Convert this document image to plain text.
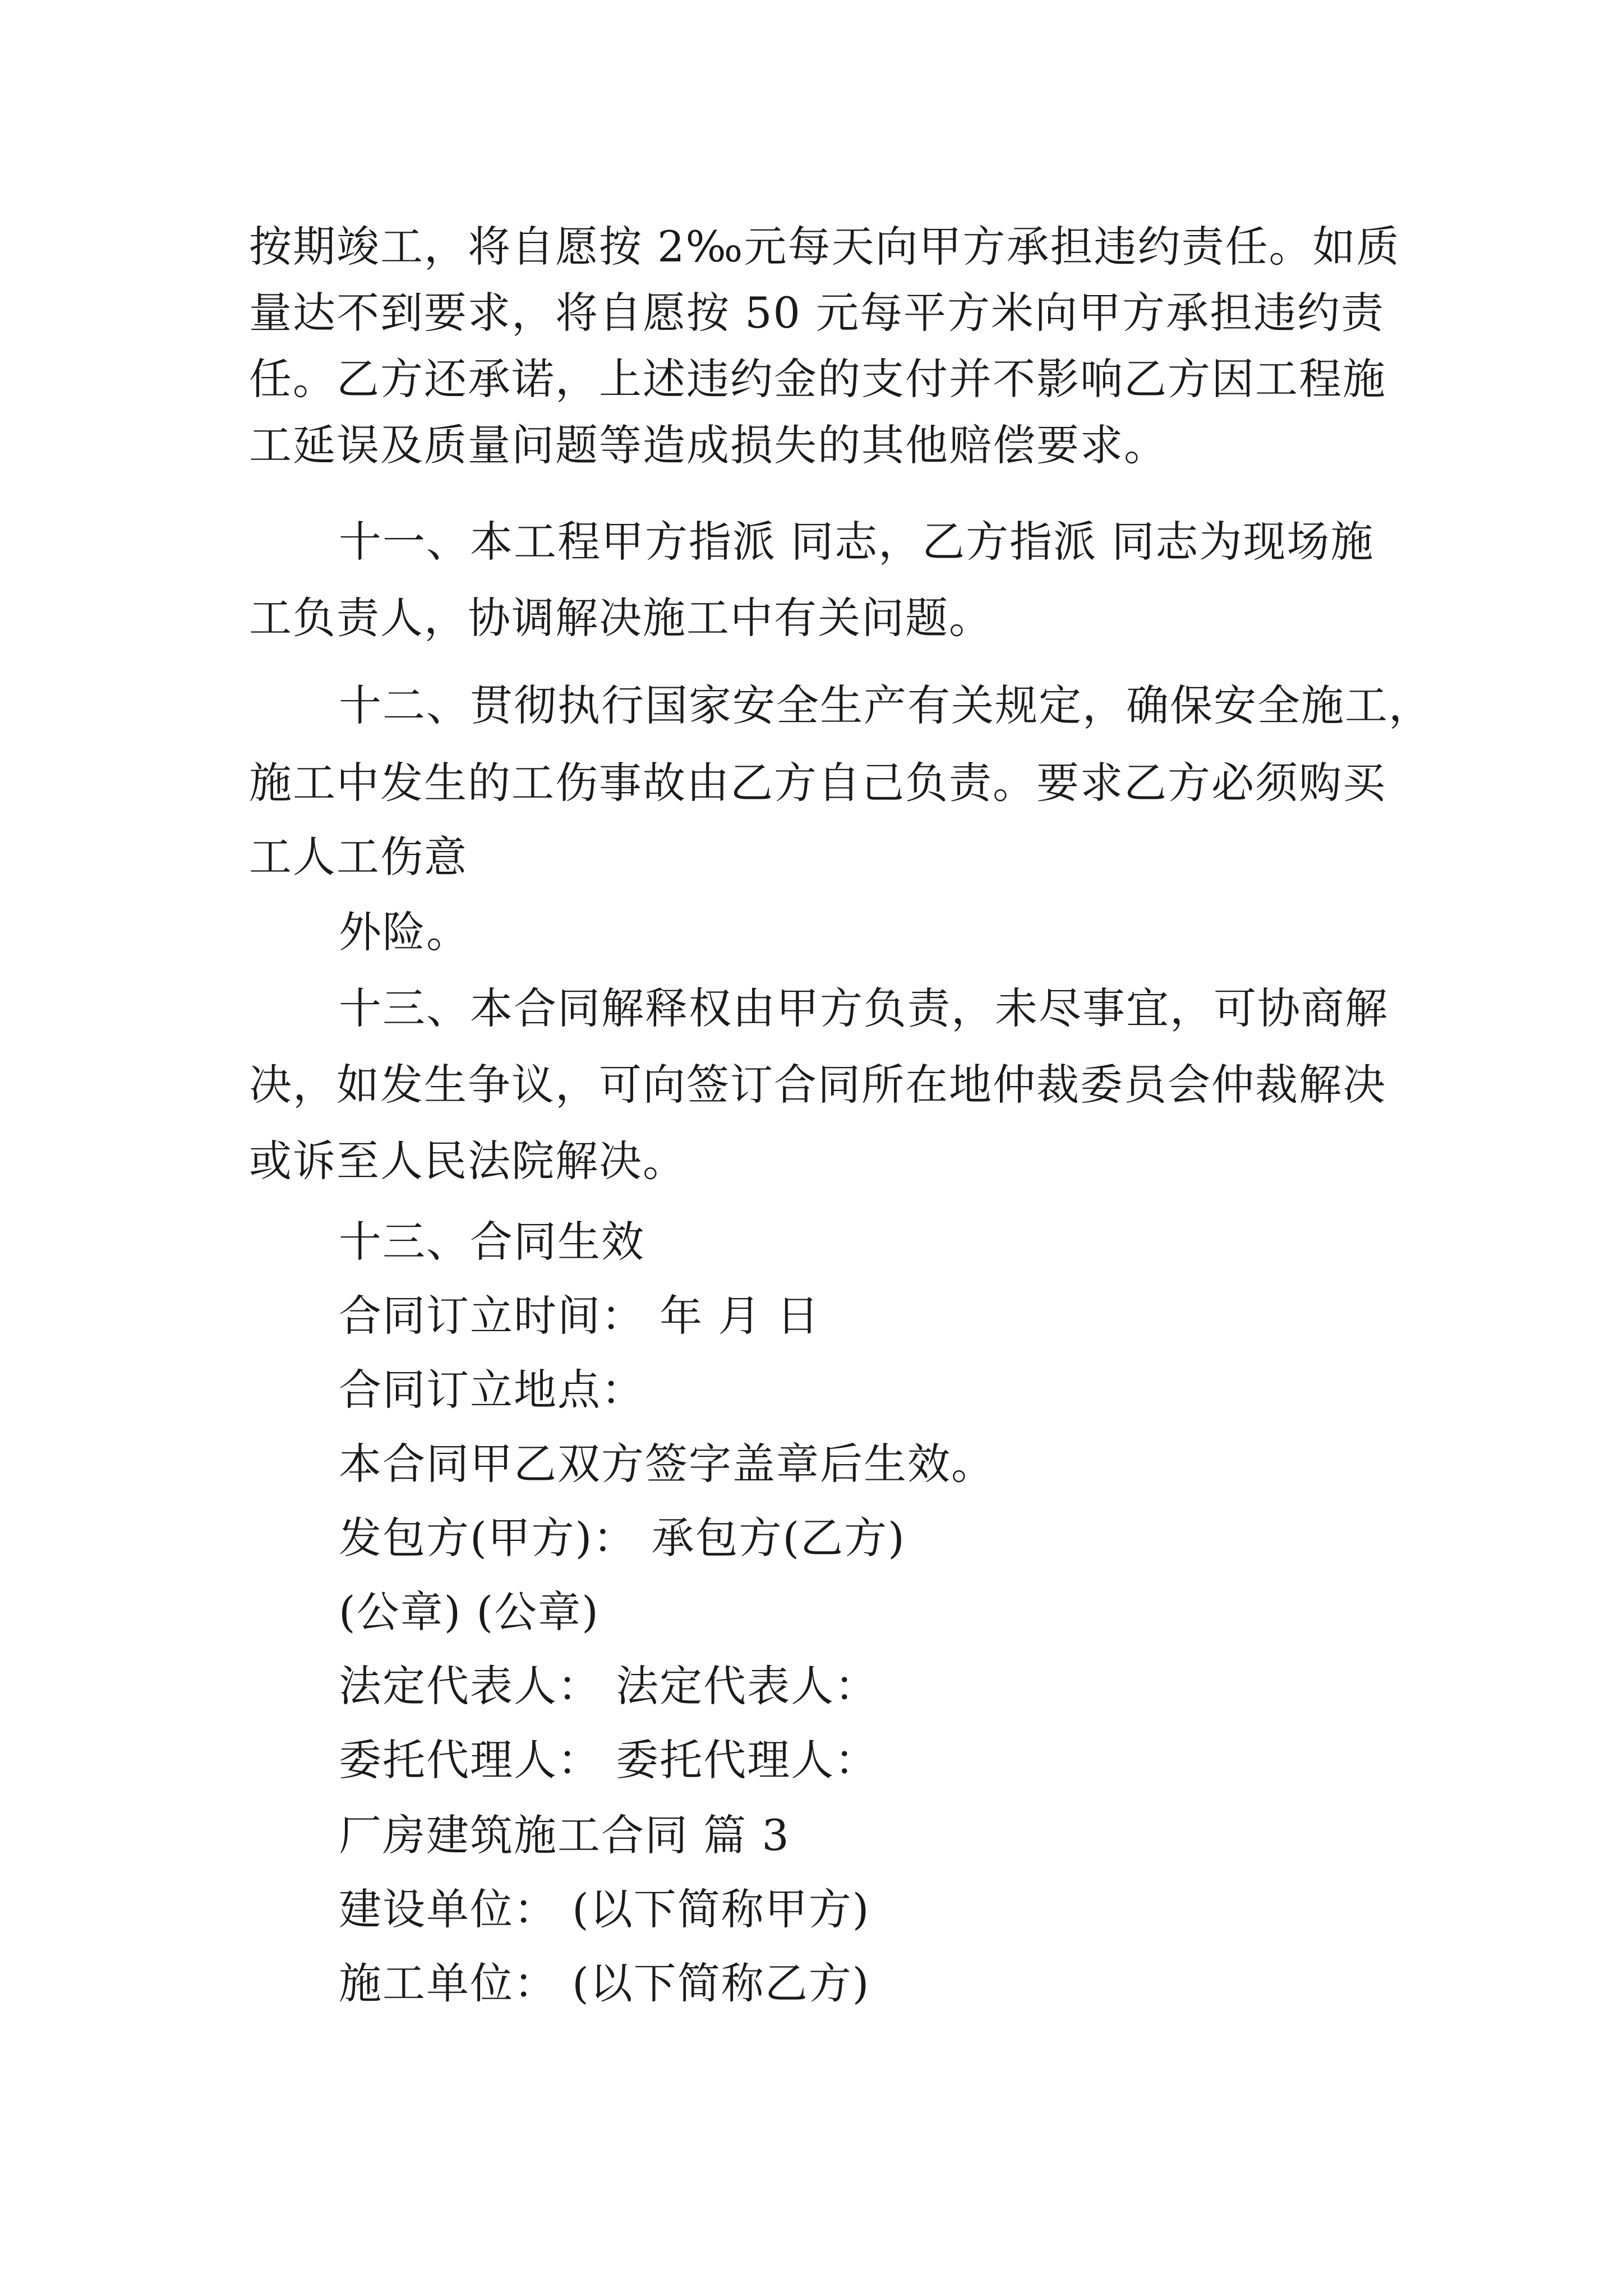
按期竣工，将自愿按 2‰元每天向甲方承担违约责任。如质
量达不到要求，将自愿按 50 元每平方米向甲方承担违约责
任。乙方还承诺，上述违约金的支付并不影响乙方因工程施
工延误及质量问题等造成损失的其他赔偿要求。
十一、本工程甲方指派 同志，乙方指派 同志为现场施
工负责人，协调解决施工中有关问题。
十二、贯彻执行国家安全生产有关规定，确保安全施工，
施工中发生的工伤事故由乙方自己负责。要求乙方必须购买
工人工伤意
外险。
十三、本合同解释权由甲方负责，未尽事宜，可协商解
决，如发生争议，可向签订合同所在地仲裁委员会仲裁解决
或诉至人民法院解决。
十三、合同生效
合同订立时间： 年 月 日
合同订立地点：
本合同甲乙双方签字盖章后生效。
发包方(甲方)： 承包方(乙方)
(公章) (公章)
法定代表人： 法定代表人：
委托代理人： 委托代理人：
厂房建筑施工合同 篇 3
建设单位： (以下简称甲方)
施工单位： (以下简称乙方)
